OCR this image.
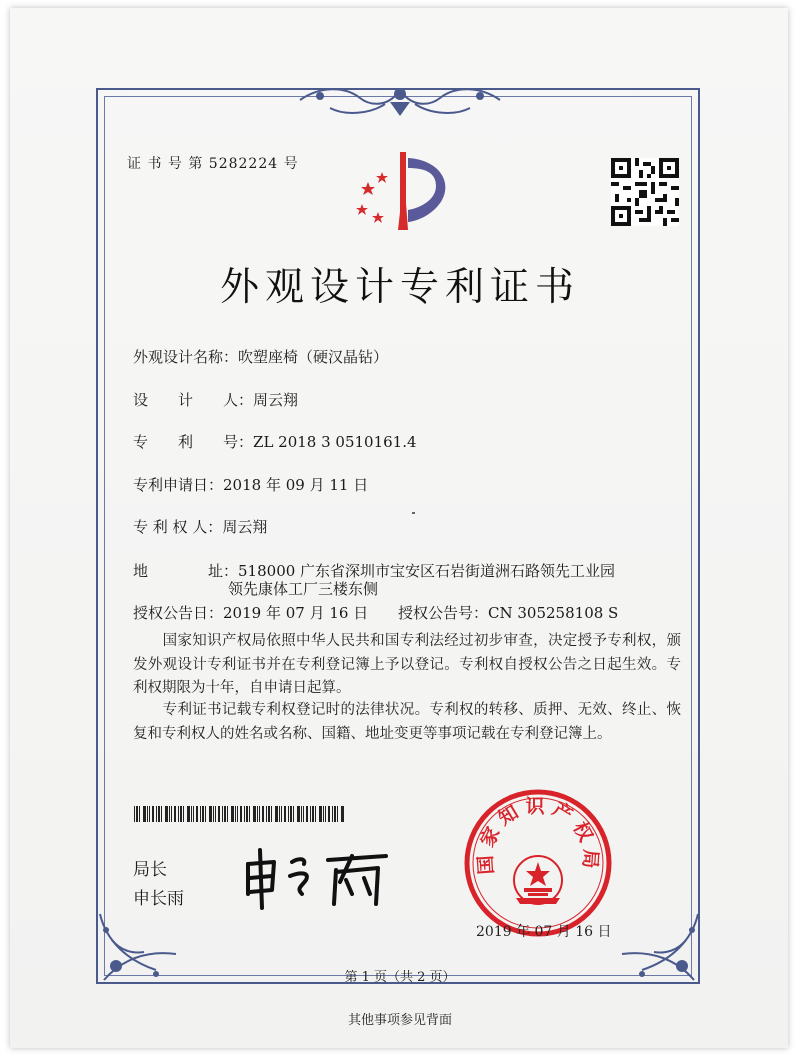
证 书 号 第 5282224 号
外观设计专利证书
外观设计名称：吹塑座椅（硬汉晶钻）
设　　计　　人：周云翔
专　　利　　号：ZL 2018 3 0510161.4
专利申请日：2018 年 09 月 11 日
专 利 权 人：周云翔
地　　　　址：518000 广东省深圳市宝安区石岩街道洲石路领先工业园
领先康体工厂三楼东侧
授权公告日：2019 年 07 月 16 日 授权公告号：CN 305258108 S
　　国家知识产权局依照中华人民共和国专利法经过初步审查，决定授予专利权，颁发外观设计专利证书并在专利登记簿上予以登记。专利权自授权公告之日起生效。专利权期限为十年，自申请日起算。
　　专利证书记载专利权登记时的法律状况。专利权的转移、质押、无效、终止、恢复和专利权人的姓名或名称、国籍、地址变更等事项记载在专利登记簿上。
局长
申长雨
国家知识产权局
2019 年 07 月 16 日
第 1 页（共 2 页）
其他事项参见背面
